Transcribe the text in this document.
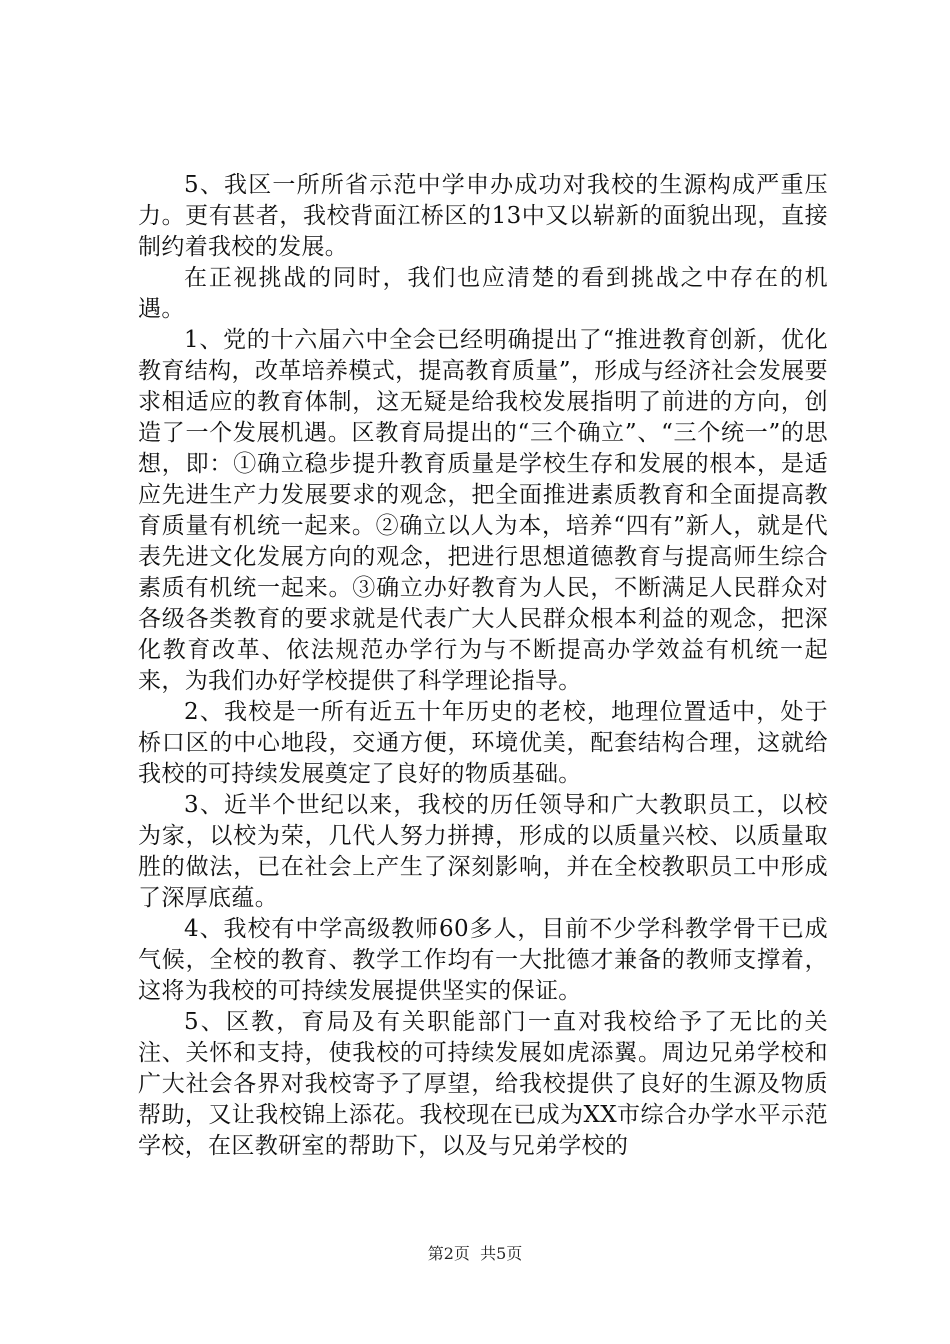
5、我区一所所省示范中学申办成功对我校的生源构成严重压力。更有甚者，我校背面江桥区的13中又以崭新的面貌出现，直接制约着我校的发展。

在正视挑战的同时，我们也应清楚的看到挑战之中存在的机遇。

1、党的十六届六中全会已经明确提出了“推进教育创新，优化教育结构，改革培养模式，提高教育质量”，形成与经济社会发展要求相适应的教育体制，这无疑是给我校发展指明了前进的方向，创造了一个发展机遇。区教育局提出的“三个确立”、“三个统一”的思想，即：①确立稳步提升教育质量是学校生存和发展的根本，是适应先进生产力发展要求的观念，把全面推进素质教育和全面提高教育质量有机统一起来。②确立以人为本，培养“四有”新人，就是代表先进文化发展方向的观念，把进行思想道德教育与提高师生综合素质有机统一起来。③确立办好教育为人民，不断满足人民群众对各级各类教育的要求就是代表广大人民群众根本利益的观念，把深化教育改革、依法规范办学行为与不断提高办学效益有机统一起来，为我们办好学校提供了科学理论指导。

2、我校是一所有近五十年历史的老校，地理位置适中，处于桥口区的中心地段，交通方便，环境优美，配套结构合理，这就给我校的可持续发展奠定了良好的物质基础。

3、近半个世纪以来，我校的历任领导和广大教职员工，以校为家，以校为荣，几代人努力拼搏，形成的以质量兴校、以质量取胜的做法，已在社会上产生了深刻影响，并在全校教职员工中形成了深厚底蕴。

4、我校有中学高级教师60多人，目前不少学科教学骨干已成气候，全校的教育、教学工作均有一大批德才兼备的教师支撑着，这将为我校的可持续发展提供坚实的保证。

5、区教，育局及有关职能部门一直对我校给予了无比的关注、关怀和支持，使我校的可持续发展如虎添翼。周边兄弟学校和广大社会各界对我校寄予了厚望，给我校提供了良好的生源及物质帮助，又让我校锦上添花。我校现在已成为XX市综合办学水平示范学校，在区教研室的帮助下，以及与兄弟学校的

第2页  共5页
